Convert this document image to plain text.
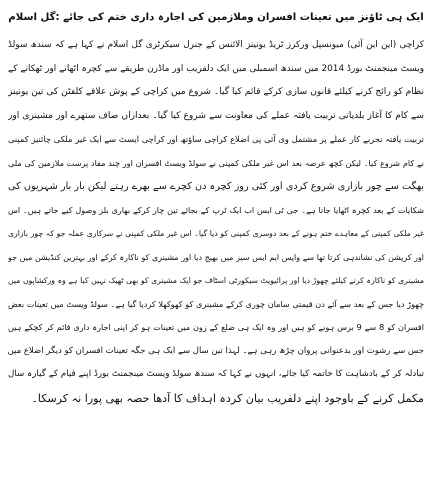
ایک ہی ٹاؤنز میں تعینات افسران وملازمین کی اجارہ داری ختم کی جائے :گل اسلام
کراچی (این این آئی) میونسپل ورکرز ٹریڈ یونینز الائنس کے جنرل سیکرٹری گل اسلام نے کہا ہے کہ سندھ سولڈ
ویسٹ مینجمنٹ بورڈ 2014 میں سندھ اسمبلی میں ایک دلفریب اور ماڈرن طریقے سے کچرہ اٹھانے اور ٹھکانے کے
نظام کو رائج کرنے کیلئے قانون سازی کرکے قائم کیا گیا۔ شروع میں کراچی کے پوش علاقے کلفٹن کی تین یونینز
سے کام کا آغاز بلدیاتی تربیت یافتہ عملے کی معاونت سے شروع کیا گیا۔ بعدازاں صاف ستھرے اور مشینری اور
تربیت یافتہ تجربے کار عملے پر مشتمل وی آئی پی اضلاع کراچی ساؤتھ اور کراچی ایسٹ سے ایک غیر ملکی چائنیز کمپنی
نے کام شروع کیا۔ لیکن کچھ عرصہ بعد اس غیر ملکی کمپنی نے سولڈ ویسٹ افسران اور چند مفاد پرست ملازمین کی ملی
بھگت سے چور بازاری شروع کردی اور کئی روز کچرہ دن کچرے سے بھرے رہتے لیکن بار بار شہریوں کی
شکایات کے بعد کچرہ اٹھایا جاتا ہے۔ جی ٹی ایس اب ایک ٹرپ کے بجائے تین چار کرکے بھاری بلز وصول کیے جاتے ہیں۔ اس
غیر ملکی کمپنی کے معاہدے ختم ہونے کے بعد دوسری کمپنی کو دیا گیا۔ اس غیر ملکی کمپنی نے سرکاری عملہ جو کہ چور بازاری
اور کرپشن کی نشاندہی کرتا تھا سے واپس ایم ایس سیز میں بھیج دیا اور مشینری کو ناکارہ کرکے اور بہترین کنڈیشن میں جو
مشینری کو ناکارہ کرنے کیلئے چھوڑ دیا اور پرائیویٹ سیکورٹی اسٹاف جو ایک مشینری کو بھی ٹھیک نہیں کیا ہے وہ ورکشاپوں میں
چھوڑ دیا جس کے بعد سے آئے دن قیمتی سامان چوری کرکے مشینری کو کھوکھلا کردیا گیا ہے۔ سولڈ ویسٹ میں تعینات بعض
افسران کو 8 سے 9 برس ہونے کو ہیں اور وہ ایک ہی ضلع کے زون میں تعینات ہو کر اپنی اجارہ داری قائم کر کچکے ہیں
جس سے رشوت اور بدعنوانی پروان چڑھ رہی ہے۔ لہذا تین سال سے ایک ہی جگہ تعینات افسران کو دیگر اضلاع میں
تبادلہ کر کے بادشاہت کا خاتمہ کیا جائے، انہوں نے کہا کہ سندھ سولڈ ویسٹ مینجمنٹ بورڈ اپنے قیام کے گیارہ سال
مکمل کرنے کے باوجود اپنے دلفریب بیان کردہ اہداف کا آدھا حصہ بھی پورا نہ کرسکا۔
